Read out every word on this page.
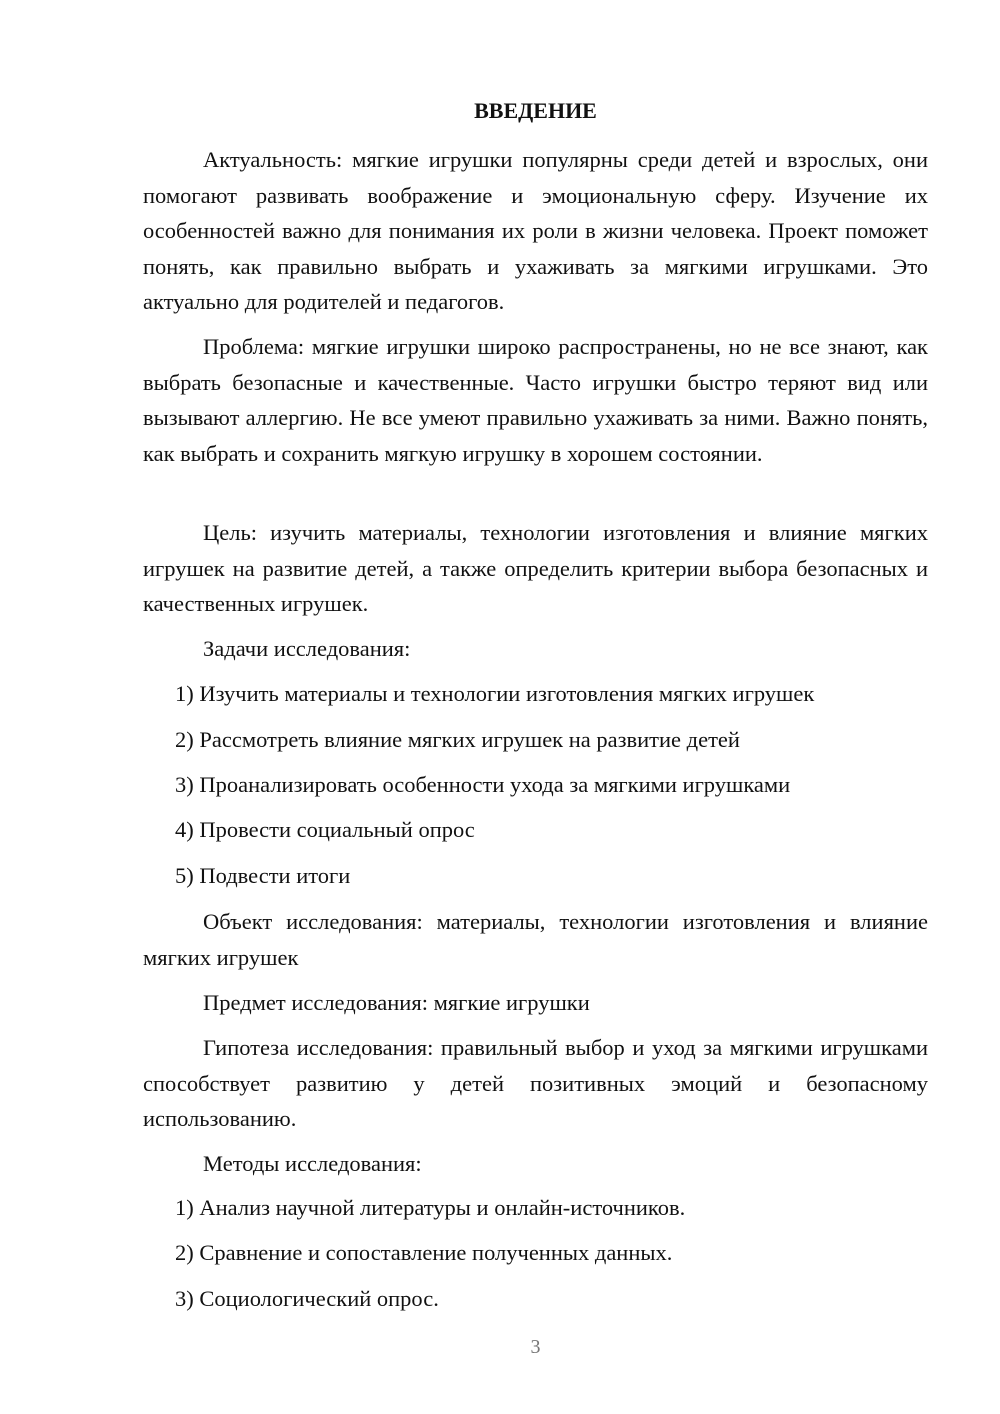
ВВЕДЕНИЕ

Актуальность: мягкие игрушки популярны среди детей и взрослых, они помогают развивать воображение и эмоциональную сферу. Изучение их особенностей важно для понимания их роли в жизни человека. Проект поможет понять, как правильно выбрать и ухаживать за мягкими игрушками. Это актуально для родителей и педагогов.

Проблема: мягкие игрушки широко распространены, но не все знают, как выбрать безопасные и качественные. Часто игрушки быстро теряют вид или вызывают аллергию. Не все умеют правильно ухаживать за ними. Важно понять, как выбрать и сохранить мягкую игрушку в хорошем состоянии.

Цель: изучить материалы, технологии изготовления и влияние мягких игрушек на развитие детей, а также определить критерии выбора безопасных и качественных игрушек.

Задачи исследования:

1) Изучить материалы и технологии изготовления мягких игрушек

2) Рассмотреть влияние мягких игрушек на развитие детей

3) Проанализировать особенности ухода за мягкими игрушками

4) Провести социальный опрос

5) Подвести итоги

Объект исследования: материалы, технологии изготовления и влияние мягких игрушек

Предмет исследования: мягкие игрушки

Гипотеза исследования: правильный выбор и уход за мягкими игрушками способствует развитию у детей позитивных эмоций и безопасному использованию.

Методы исследования:

1) Анализ научной литературы и онлайн-источников.

2) Сравнение и сопоставление полученных данных.

3) Социологический опрос.

3
